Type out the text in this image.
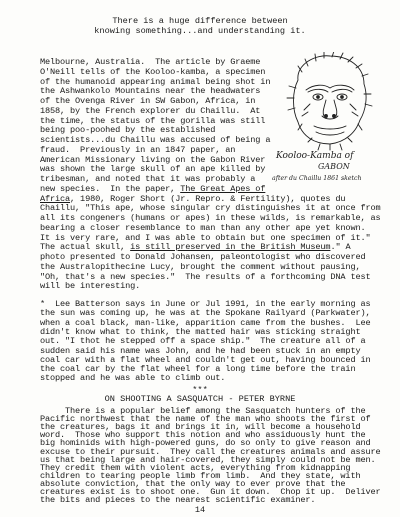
There is a huge difference between
knowing something...and understanding it.
Melbourne, Australia.  The article by Graeme
O'Neill tells of the Kooloo-kamba, a specimen
of the humanoid appearing animal being shot in
the Ashwankolo Mountains near the headwaters
of the Ovenga River in SW Gabon, Africa, in
1858, by the French explorer du Chaillu.  At
the time, the status of the gorilla was still
being poo-poohed by the established
scientists...du Chaillu was accused of being a
fraud.  Previously in an 1847 paper, an
American Missionary living on the Gabon River
was shown the large skull of an ape killed by
tribesman, and noted that it was probably a
new species.  In the paper, The Great Apes of
Africa, 1980, Roger Short (Jr. Repro. & Fertility), quotes du
Chaillu, "This ape, whose singular cry distinguishes it at once from
all its congeners (humans or apes) in these wilds, is remarkable, as
bearing a closer resemblance to man than any other ape yet known.
It is very rare, and I was able to obtain but one specimen of it."
The actual skull, is still preserved in the British Museum." A
photo presented to Donald Johansen, paleontologist who discovered
the Australopithecine Lucy, brought the comment without pausing,
"Oh, that's a new species."  The results of a forthcoming DNA test
will be interesting.
*  Lee Batterson says in June or Jul 1991, in the early morning as
the sun was coming up, he was at the Spokane Railyard (Parkwater),
when a coal black, man-like, apparition came from the bushes.  Lee
didn't know what to think, the matted hair was sticking straight
out. "I thot he stepped off a space ship."  The creature all of a
sudden said his name was John, and he had been stuck in an empty
coal car with a flat wheel and couldn't get out, having bounced in
the coal car by the flat wheel for a long time before the train
stopped and he was able to climb out.
***
ON SHOOTING A SASQUATCH - PETER BYRNE
There is a popular belief among the Sasquatch hunters of the
Pacific northwest that the name of the man who shoots the first of
the creatures, bags it and brings it in, will become a household
word.  Those who support this notion and who assiduously hunt the
big hominids with high-powered guns, do so only to give reason and
excuse to their pursuit.  They call the creatures animals and assure
us that being large and hair-covered, they simply could not be men.
They credit them with violent acts, everything from kidnapping
children to tearing people limb from limb.  And they state, with
absolute conviction, that the only way to ever prove that the
creatures exist is to shoot one.  Gun it down.  Chop it up.  Deliver
the bits and pieces to the nearest scientific examiner.
Kooloo-Kamba of
GABON
after du Chaillu 1861 sketch
14
